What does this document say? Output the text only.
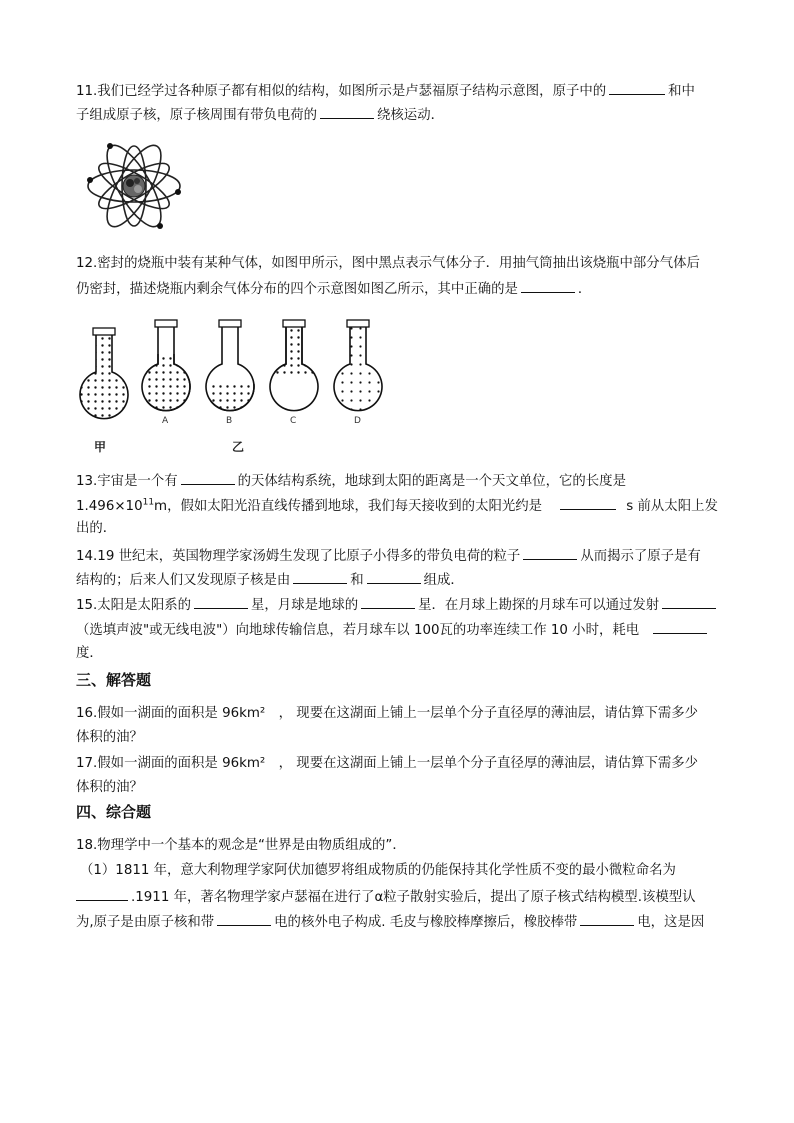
11.我们已经学过各种原子都有相似的结构，如图所示是卢瑟福原子结构示意图，原子中的	和中
子组成原子核，原子核周围有带负电荷的	绕核运动．
12.密封的烧瓶中装有某种气体，如图甲所示，图中黑点表示气体分子．用抽气筒抽出该烧瓶中部分气体后
仍密封，描述烧瓶内剩余气体分布的四个示意图如图乙所示，其中正确的是	．
A	B	C	D
甲	乙
13.宇宙是一个有	的天体结构系统，地球到太阳的距离是一个天文单位，它的长度是
$1.496\times 10^{11}m$，假如太阳光沿直线传播到地球，我们每天接收到的太阳光约是	s 前从太阳上发
出的．
14.19 世纪末，英国物理学家汤姆生发现了比原子小得多的带负电荷的粒子	从而揭示了原子是有
结构的；后来人们又发现原子核是由	和	组成．
15.太阳是太阳系的	星，月球是地球的	星．在月球上勘探的月球车可以通过发射
（选填声波"或无线电波"）向地球传输信息，若月球车以 100瓦的功率连续工作 10 小时，耗电
度．
三、解答题
16.假如一湖面的面积是 96km²　， 现要在这湖面上铺上一层单个分子直径厚的薄油层，请估算下需多少
体积的油？
17.假如一湖面的面积是 96km²　， 现要在这湖面上铺上一层单个分子直径厚的薄油层，请估算下需多少
体积的油？
四、综合题
18.物理学中一个基本的观念是“世界是由物质组成的”．
（1）1811 年，意大利物理学家阿伏加德罗将组成物质的仍能保持其化学性质不变的最小微粒命名为
.1911 年，著名物理学家卢瑟福在进行了α粒子散射实验后，提出了原子核式结构模型.该模型认
为,原子是由原子核和带	电的核外电子构成. 毛皮与橡胶棒摩擦后，橡胶棒带	电，这是因
